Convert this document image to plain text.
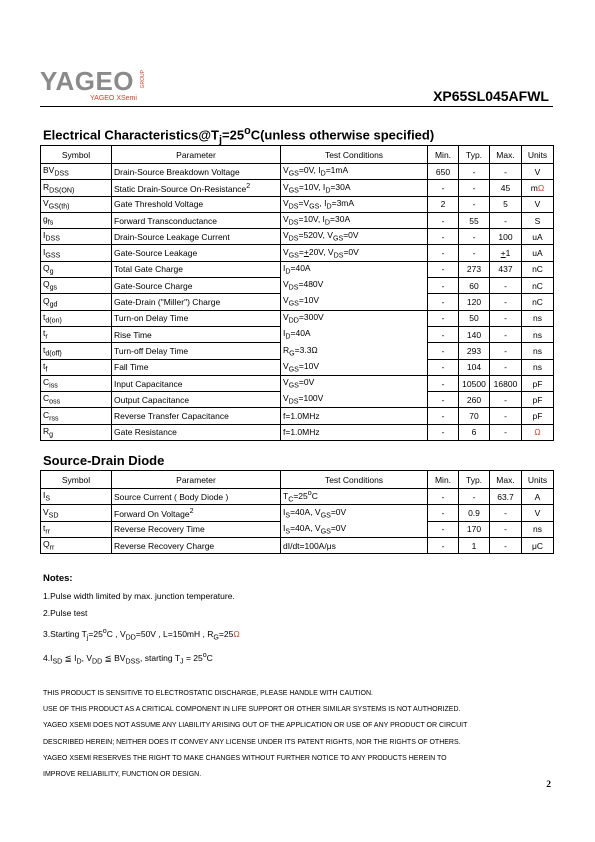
YAGEO
YAGEO XSemi
GROUP
XP65SL045AFWL
Electrical $Characteristics@T_j=25^oC(unless$ otherwise specified)
Symbol	Parameter	Test Conditions	Min.	Typ.	Max.	Units
$BV_{DSS}$	Drain-Source Breakdown Voltage	$V_{GS}=0V$, $I_D=1mA$	650	-	-	V
$R_{DS(ON)}$	Static Drain-Source On-Resistance$^2$	$V_{GS}=10V$, $I_D=30A$	-	-	45	mΩ
$V_{GS(th)}$	Gate Threshold Voltage	$V_{DS}=V_{GS}$, $I_D=3mA$	2	-	5	V
$g_{fs}$	Forward Transconductance	$V_{DS}=10V$, $I_D=30A$	-	55	-	S
$I_{DSS}$	Drain-Source Leakage Current	$V_{DS}=520V$, $V_{GS}=0V$	-	-	100	uA
$I_{GSS}$	Gate-Source Leakage	$V_{GS}=+20V$, $V_{DS}=0V$	-	-	+1	uA
$Q_g$	Total Gate Charge	$I_D=40A$	-	273	437	nC
$Q_{gs}$	Gate-Source Charge	$V_{DS}=480V$	-	60	-	nC
$Q_{gd}$	Gate-Drain ("Miller") Charge	$V_{GS}=10V$	-	120	-	nC
$t_{d(on)}$	Turn-on Delay Time	$V_{DD}=300V$	-	50	-	ns
$t_r$	Rise Time	$I_D=40A$	-	140	-	ns
$t_{d(off)}$	Turn-off Delay Time	$R_G=3.3\Omega$	-	293	-	ns
$t_f$	Fall Time	$V_{GS}=10V$	-	104	-	ns
$C_{iss}$	Input Capacitance	$V_{GS}=0V$	-	10500	16800	pF
$C_{oss}$	Output Capacitance	$V_{DS}=100V$	-	260	-	pF
$C_{rss}$	Reverse Transfer Capacitance	f=1.0MHz	-	70	-	pF
$R_g$	Gate Resistance	f=1.0MHz	-	6	-	Ω
Source-Drain Diode
Symbol	Parameter	Test Conditions	Min.	Typ.	Max.	Units
$I_S$	Source Current ( Body Diode )	$T_C=25^oC$	-	-	63.7	A
$V_{SD}$	Forward On Voltage$^2$	$I_S=40A$, $V_{GS}=0V$	-	0.9	-	V
$t_{rr}$	Reverse Recovery Time	$I_S=40A$, $V_{GS}=0V$	-	170	-	ns
$Q_{rr}$	Reverse Recovery Charge	dI/dt=100A/μs	-	1	-	μC
Notes:
1.Pulse width limited by max. junction temperature.
2.Pulse test
3.Starting $T_j=25^oC$ , $V_{DD}=50V$ , L=150mH , $R_G=25\Omega$
$4.I_{SD}$ ≦ $I_D$, $V_{DD}$ ≦ $BV_{DSS}$, starting $T_J = 25^oC$
THIS PRODUCT IS SENSITIVE TO ELECTROSTATIC DISCHARGE, PLEASE HANDLE WITH CAUTION.
USE OF THIS PRODUCT AS A CRITICAL COMPONENT IN LIFE SUPPORT OR OTHER SIMILAR SYSTEMS IS NOT AUTHORIZED.
YAGEO XSEMI DOES NOT ASSUME ANY LIABILITY ARISING OUT OF THE APPLICATION OR USE OF ANY PRODUCT OR CIRCUIT
DESCRIBED HEREIN; NEITHER DOES IT CONVEY ANY LICENSE UNDER ITS PATENT RIGHTS, NOR THE RIGHTS OF OTHERS.
YAGEO XSEMI RESERVES THE RIGHT TO MAKE CHANGES WITHOUT FURTHER NOTICE TO ANY PRODUCTS HEREIN TO
IMPROVE RELIABILITY, FUNCTION OR DESIGN.
2
